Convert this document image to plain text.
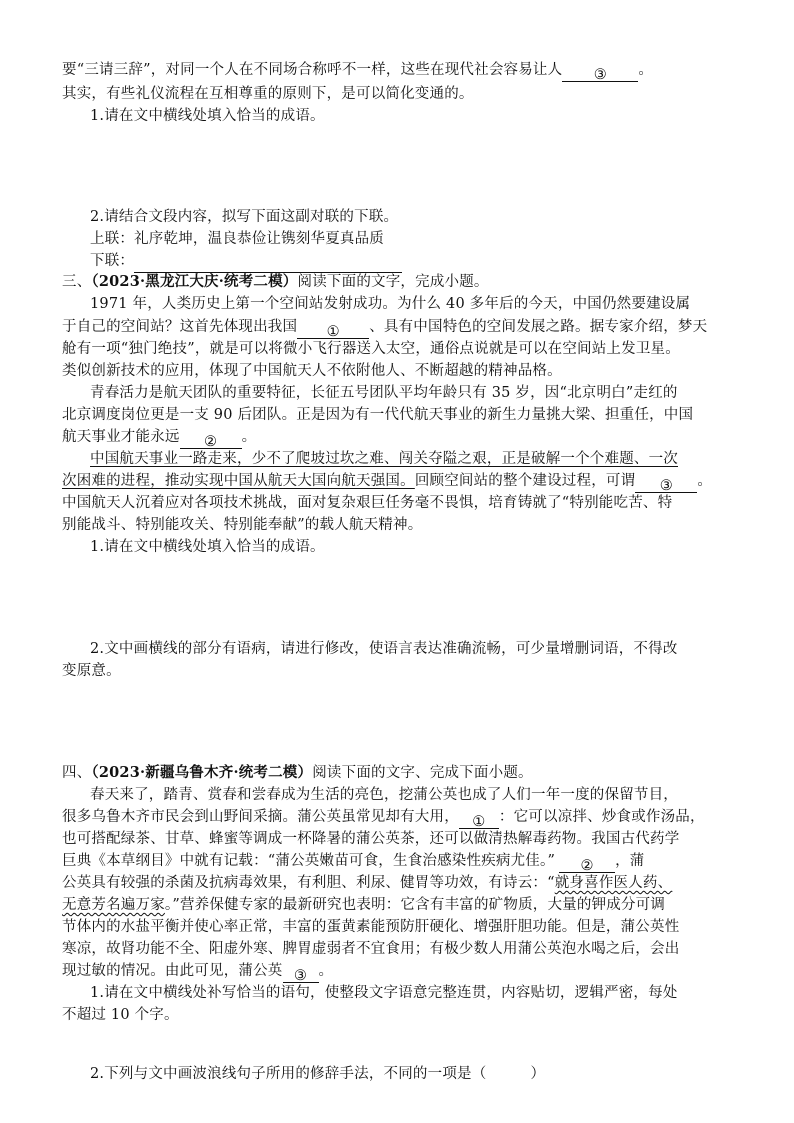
要“三请三辞”，对同一个人在不同场合称呼不一样，这些在现代社会容易让人 ③ 。
其实，有些礼仪流程在互相尊重的原则下，是可以简化变通的。
1.请在文中横线处填入恰当的成语。
2.请结合文段内容，拟写下面这副对联的下联。
上联：礼序乾坤，温良恭俭让镌刻华夏真品质
下联：
三、（2023·黑龙江大庆·统考二模）阅读下面的文字，完成小题。
1971 年，人类历史上第一个空间站发射成功。为什么 40 多年后的今天，中国仍然要建设属
于自己的空间站？这首先体现出我国 ① 、具有中国特色的空间发展之路。据专家介绍，梦天
舱有一项“独门绝技”，就是可以将微小飞行器送入太空，通俗点说就是可以在空间站上发卫星。
类似创新技术的应用，体现了中国航天人不依附他人、不断超越的精神品格。
青春活力是航天团队的重要特征，长征五号团队平均年龄只有 35 岁，因“北京明白”走红的
北京调度岗位更是一支 90 后团队。正是因为有一代代航天事业的新生力量挑大梁、担重任，中国
航天事业才能永远 ② 。
中国航天事业一路走来，少不了爬坡过坎之难、闯关夺隘之艰，正是破解一个个难题、一次
次困难的进程，推动实现中国从航天大国向航天强国。回顾空间站的整个建设过程，可谓 ③ 。
中国航天人沉着应对各项技术挑战，面对复杂艰巨任务毫不畏惧，培育铸就了“特别能吃苦、特
别能战斗、特别能攻关、特别能奉献”的载人航天精神。
1.请在文中横线处填入恰当的成语。
2.文中画横线的部分有语病，请进行修改，使语言表达准确流畅，可少量增删词语，不得改
变原意。
四、（2023·新疆乌鲁木齐·统考二模）阅读下面的文字、完成下面小题。
春天来了，踏青、赏春和尝春成为生活的亮色，挖蒲公英也成了人们一年一度的保留节目，
很多乌鲁木齐市民会到山野间采摘。蒲公英虽常见却有大用， ① ：它可以凉拌、炒食或作汤品，
也可搭配绿茶、甘草、蜂蜜等调成一杯降暑的蒲公英茶，还可以做清热解毒药物。我国古代药学
巨典《本草纲目》中就有记载：“蒲公英嫩苗可食，生食治感染性疾病尤佳。” ② ，蒲
公英具有较强的杀菌及抗病毒效果，有利胆、利尿、健胃等功效，有诗云：“就身喜作医人药、
无意芳名遍万家。”营养保健专家的最新研究也表明：它含有丰富的矿物质，大量的钾成分可调
节体内的水盐平衡并使心率正常，丰富的蛋黄素能预防肝硬化、增强肝胆功能。但是，蒲公英性
寒凉，故肾功能不全、阳虚外寒、脾胃虚弱者不宜食用；有极少数人用蒲公英泡水喝之后，会出
现过敏的情况。由此可见，蒲公英 ③ 。
1.请在文中横线处补写恰当的语句，使整段文字语意完整连贯，内容贴切，逻辑严密，每处
不超过 10 个字。
2.下列与文中画波浪线句子所用的修辞手法，不同的一项是（　　　）
